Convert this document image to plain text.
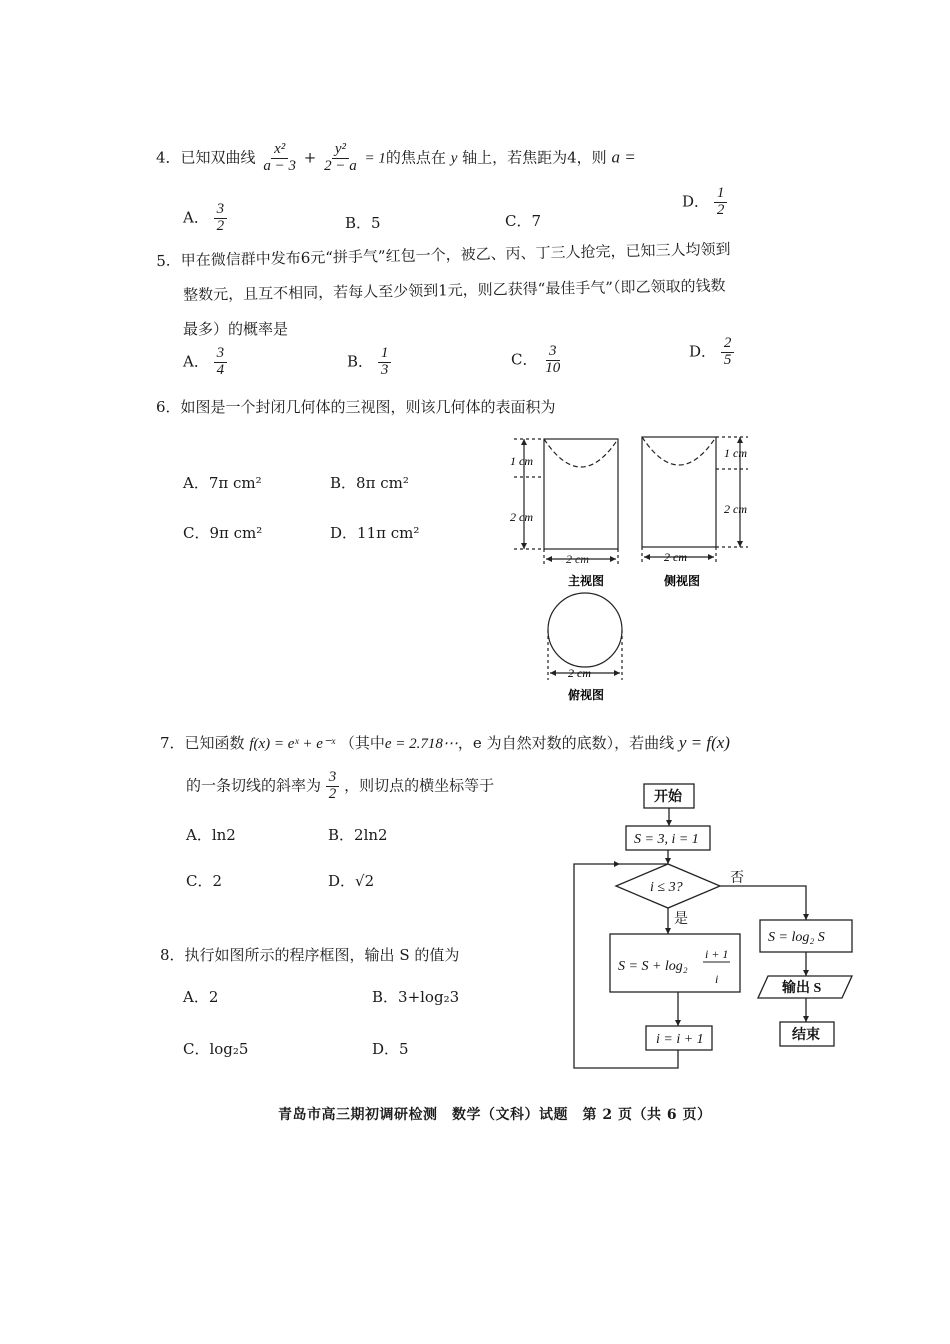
4．已知双曲线 $\frac{\text{x²}}{a - 3} + \frac{\text{y²}}{2 - a} = 1$的焦点在 y 轴上，若焦距为4，则 a =
A． $\frac{3}{2}$	B．5	C．7
D． $\frac{1}{2}$
5．甲在微信群中发布6元“拼手气”红包一个，被乙、丙、丁三人抢完，已知三人均领到
整数元，且互不相同，若每人至少领到1元，则乙获得“最佳手气”（即乙领取的钱数
最多）的概率是
A． $\frac{3}{4}$	B． $\frac{1}{3}$	C． $\frac{3}{10}$	D． $\frac{2}{5}$
6．如图是一个封闭几何体的三视图，则该几何体的表面积为
A．7π cm²	B．8π cm²
C．9π cm²	D．11π cm²
1 cm
2 cm
2 cm
1 cm
2 cm
2 cm
主视图	侧视图
2 cm
俯视图
7．已知函数 f(x) = eˣ + e⁻ˣ （其中e = 2.718⋯，e 为自然对数的底数），若曲线 y = f(x)
的一条切线的斜率为 $\frac{3}{2}$ ，则切点的横坐标等于
A．ln2	B．2ln2
C．2	D．√2
8．执行如图所示的程序框图，输出 S 的值为
A．2	B．3+log₂3
C．log₂5	D．5
开始
S = 3, i = 1
i ≤ 3?
否
是
S = S + log₂
i + 1
i
i = i + 1
S = log₂ S
输出 S
结束
青岛市高三期初调研检测　数学（文科）试题　第 2 页（共 6 页）
